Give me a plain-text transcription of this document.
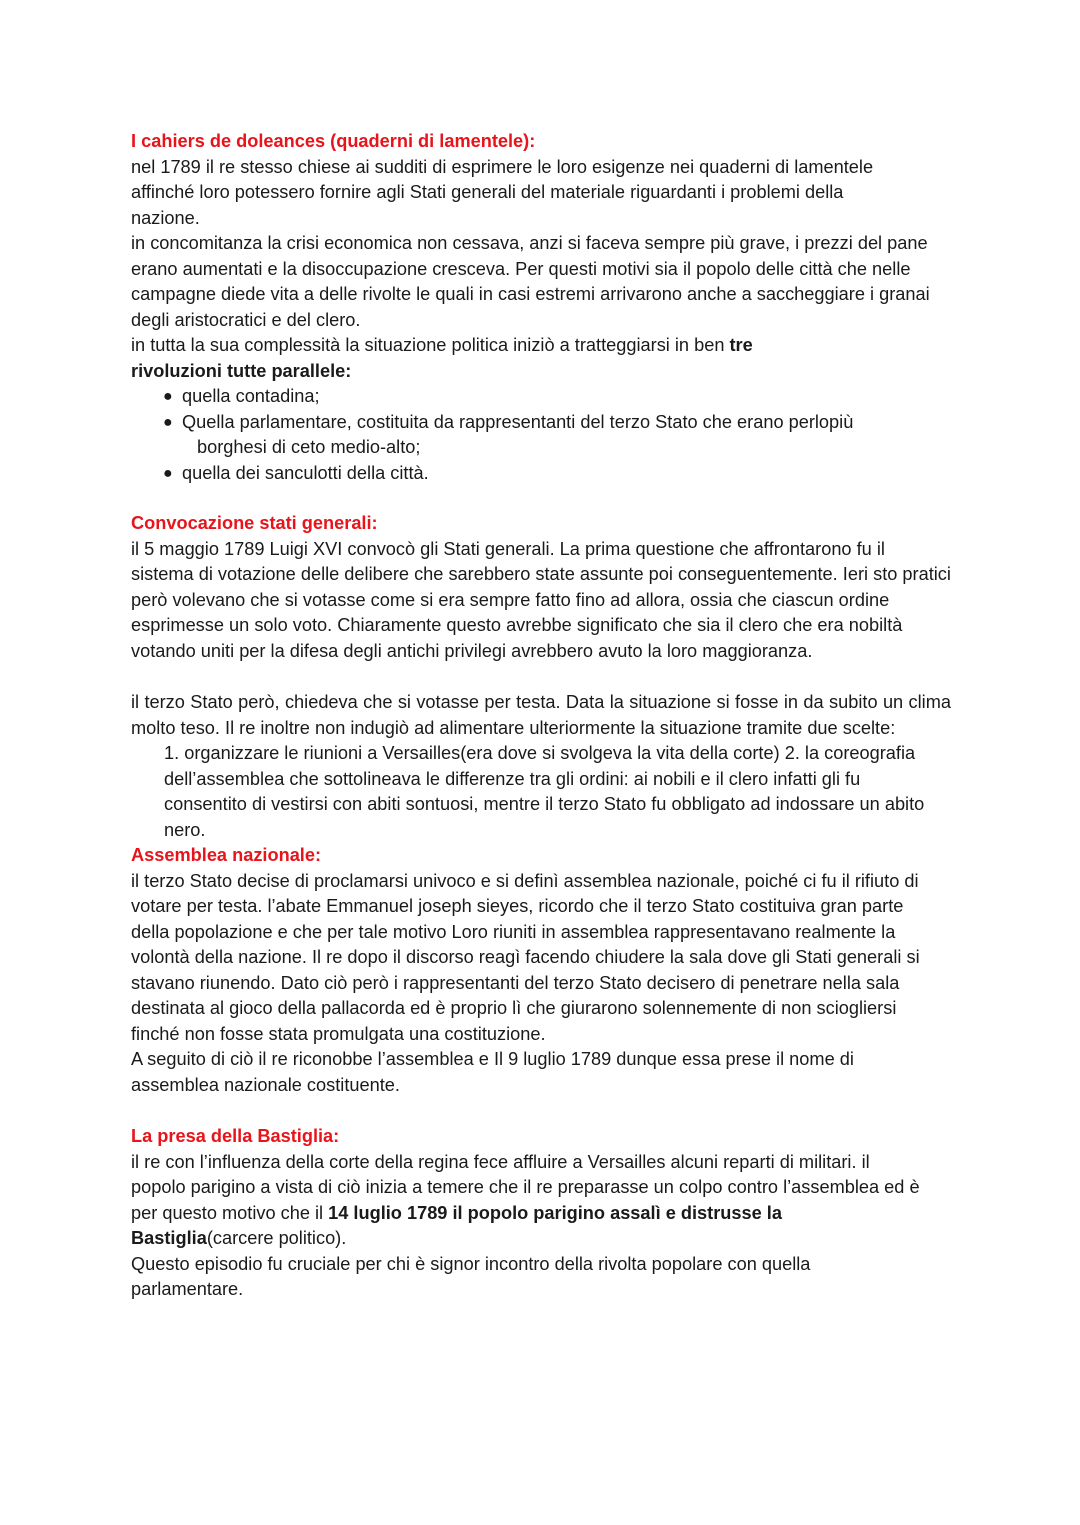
I cahiers de doleances (quaderni di lamentele):

nel 1789 il re stesso chiese ai sudditi di esprimere le loro esigenze nei quaderni di lamentele affinché loro potessero fornire agli Stati generali del materiale riguardanti i problemi della nazione.

in concomitanza la crisi economica non cessava, anzi si faceva sempre più grave, i prezzi del pane erano aumentati e la disoccupazione cresceva. Per questi motivi sia il popolo delle città che nelle campagne diede vita a delle rivolte le quali in casi estremi arrivarono anche a saccheggiare i granai degli aristocratici e del clero.

in tutta la sua complessità la situazione politica iniziò a tratteggiarsi in ben tre rivoluzioni tutte parallele:

● quella contadina;
● Quella parlamentare, costituita da rappresentanti del terzo Stato che erano perlopiù
borghesi di ceto medio-alto;
● quella dei sanculotti della città.

Convocazione stati generali:

il 5 maggio 1789 Luigi XVI convocò gli Stati generali. La prima questione che affrontarono fu il sistema di votazione delle delibere che sarebbero state assunte poi conseguentemente. Ieri sto pratici però volevano che si votasse come si era sempre fatto fino ad allora, ossia che ciascun ordine esprimesse un solo voto. Chiaramente questo avrebbe significato che sia il clero che era nobiltà votando uniti per la difesa degli antichi privilegi avrebbero avuto la loro maggioranza.

il terzo Stato però, chiedeva che si votasse per testa. Data la situazione si fosse in da subito un clima molto teso. Il re inoltre non indugiò ad alimentare ulteriormente la situazione tramite due scelte:

1. organizzare le riunioni a Versailles(era dove si svolgeva la vita della corte) 2. la coreografia dell’assemblea che sottolineava le differenze tra gli ordini: ai nobili e il clero infatti gli fu consentito di vestirsi con abiti sontuosi, mentre il terzo Stato fu obbligato ad indossare un abito nero.

Assemblea nazionale:

il terzo Stato decise di proclamarsi univoco e si definì assemblea nazionale, poiché ci fu il rifiuto di votare per testa. l’abate Emmanuel joseph sieyes, ricordo che il terzo Stato costituiva gran parte della popolazione e che per tale motivo Loro riuniti in assemblea rappresentavano realmente la volontà della nazione. Il re dopo il discorso reagì facendo chiudere la sala dove gli Stati generali si stavano riunendo. Dato ciò però i rappresentanti del terzo Stato decisero di penetrare nella sala destinata al gioco della pallacorda ed è proprio lì che giurarono solennemente di non sciogliersi finché non fosse stata promulgata una costituzione.

A seguito di ciò il re riconobbe l’assemblea e Il 9 luglio 1789 dunque essa prese il nome di assemblea nazionale costituente.

La presa della Bastiglia:

il re con l’influenza della corte della regina fece affluire a Versailles alcuni reparti di militari. il popolo parigino a vista di ciò inizia a temere che il re preparasse un colpo contro l’assemblea ed è per questo motivo che il 14 luglio 1789 il popolo parigino assalì e distrusse la Bastiglia(carcere politico).

Questo episodio fu cruciale per chi è signor incontro della rivolta popolare con quella parlamentare.
